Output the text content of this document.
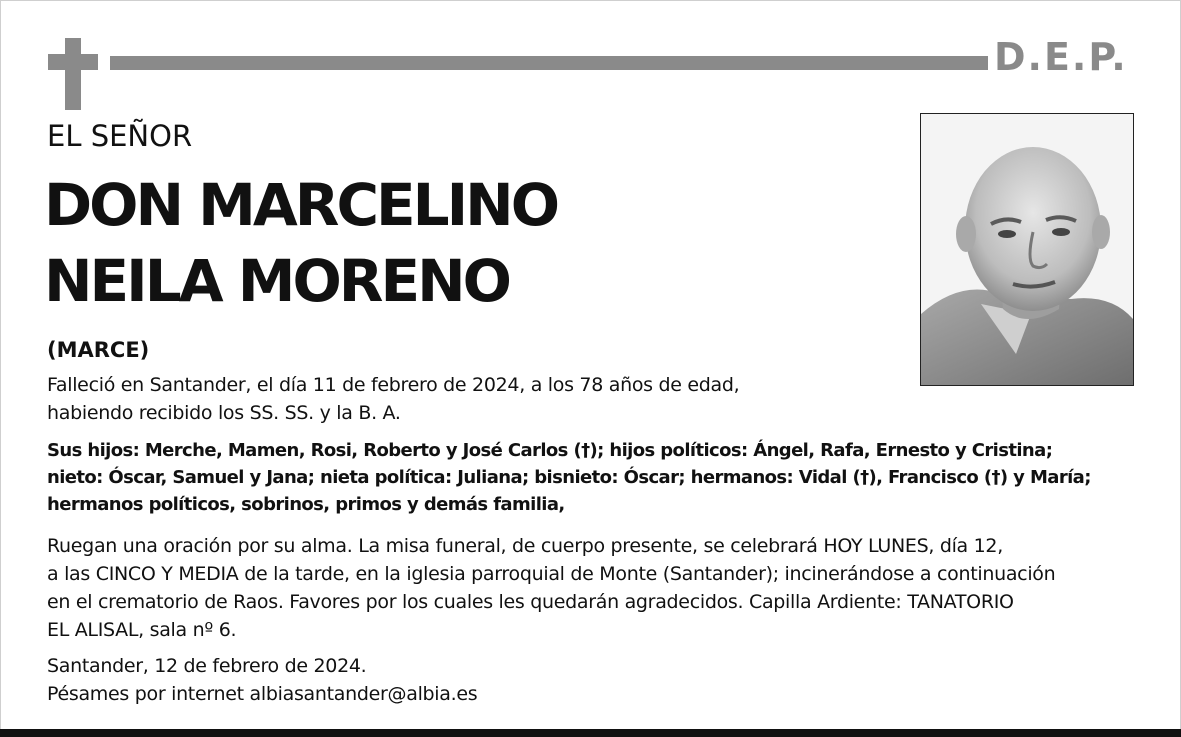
D.E.P.
EL SEÑOR
DON MARCELINO
NEILA MORENO
(MARCE)
Falleció en Santander, el día 11 de febrero de 2024, a los 78 años de edad,
habiendo recibido los SS. SS. y la B. A.
Sus hijos: Merche, Mamen, Rosi, Roberto y José Carlos (†); hijos políticos: Ángel, Rafa, Ernesto y Cristina;
nieto: Óscar, Samuel y Jana; nieta política: Juliana; bisnieto: Óscar; hermanos: Vidal (†), Francisco (†) y María;
hermanos políticos, sobrinos, primos y demás familia,
Ruegan una oración por su alma. La misa funeral, de cuerpo presente, se celebrará HOY LUNES, día 12,
a las CINCO Y MEDIA de la tarde, en la iglesia parroquial de Monte (Santander); incinerándose a continuación
en el crematorio de Raos. Favores por los cuales les quedarán agradecidos. Capilla Ardiente: TANATORIO
EL ALISAL, sala nº 6.
Santander, 12 de febrero de 2024.
Pésames por internet albiasantander@albia.es
